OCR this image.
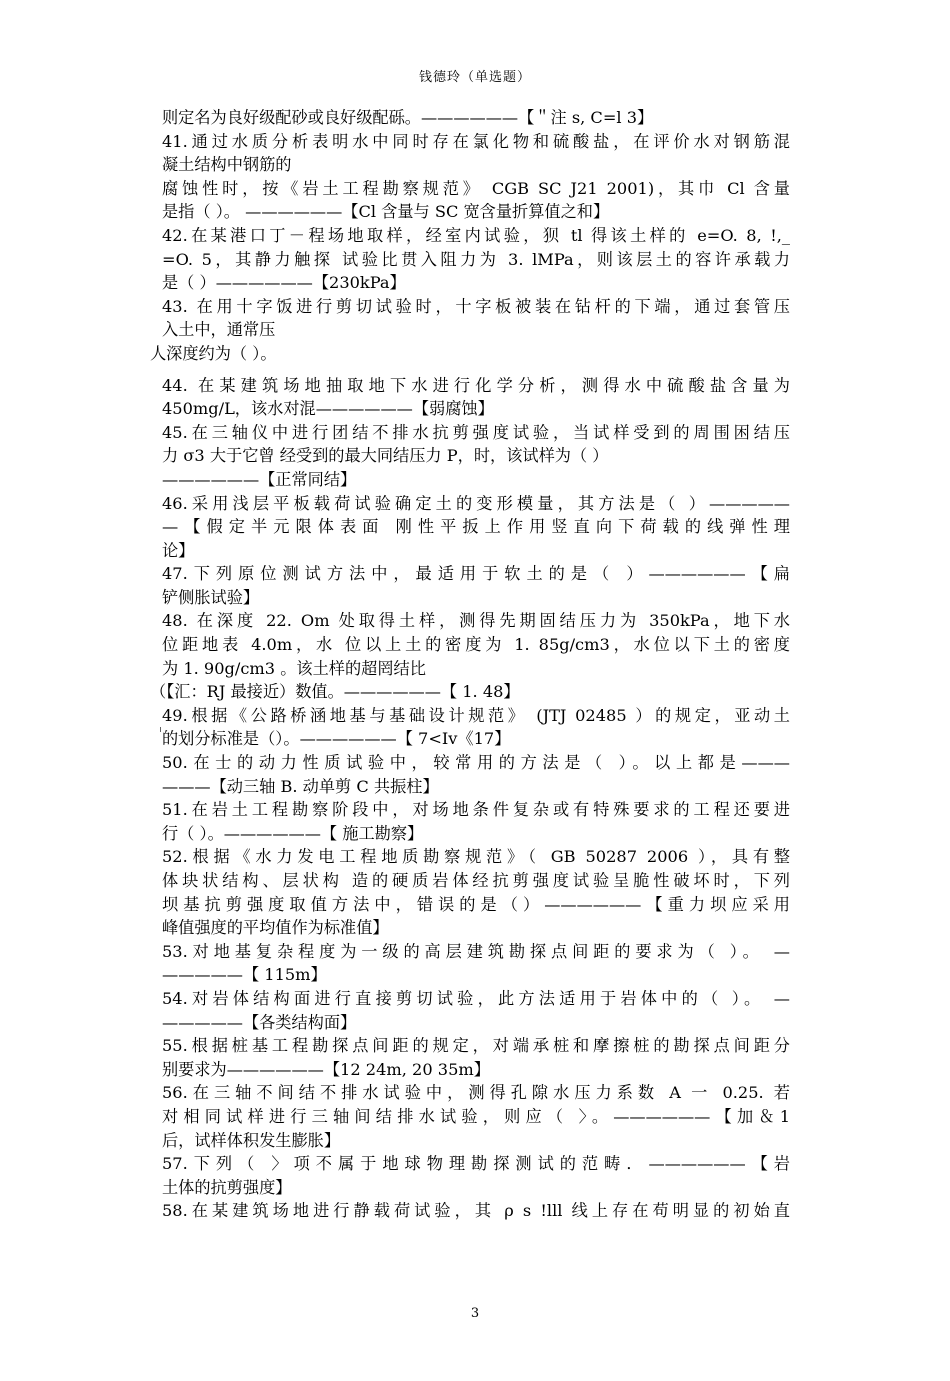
钱德玲（单选题）
则定名为良好级配砂或良好级配砾。——————【＂注 s, C=l 3】
41.通过水质分析表明水中同时存在氯化物和硫酸盐，在评价水对钢筋混
凝土结构中钢筋的
腐蚀性时，按《岩土工程勘察规范》 CGB SC J21 2001)，其巾 Cl 含量
是指（ ）。 ——————【Cl 含量与 SC 宽含量折算值之和】
42.在某港口丁－程场地取样，经室内试验，狈 tl 得该土样的 e=O. 8, !,_
=O. 5，其静力触探 试验比贯入阻力为 3. lMPa，则该层土的容许承载力
是（ ）——————【230kPa】
43. 在用十字饭进行剪切试验时，十字板被装在钻杆的下端，通过套管压
入土中，通常压
人深度约为（ ）。
44. 在某建筑场地抽取地下水进行化学分析，测得水中硫酸盐含量为
450mg/L，该水对混——————【弱腐蚀】
45.在三轴仪中进行团结不排水抗剪强度试验，当试样受到的周围困结压
力 σ3 大于它曾 经受到的最大同结压力 P，时，该试样为（ ）
——————【正常同结】
46.采用浅层平板载荷试验确定土的变形模量，其方法是（ ）—————
—【假定半元限体表面 刚性平扳上作用竖直向下荷载的线弹性理
论】
47.下列原位测试方法中，最适用于软土的是（ ）——————【扁
铲侧胀试验】
48. 在深度 22. Om 处取得土样，测得先期固结压力为 350kPa，地下水
位距地表 4.0m，水 位以上土的密度为 1. 85g/cm3，水位以下土的密度
为 1. 90g/cm3 。该土样的超罔结比
（【汇：RJ 最接近）数值。——————【 1. 48】
49.根据《公路桥涵地基与基础设计规范》 (JTJ 02485 ）的规定，亚动土
的划分标准是（）。——————【 7<Iv《17】
50.在士的动力性质试验中，较常用的方法是（ ）。以上都是———
———【动三轴 B. 动单剪 C 共振柱】
51.在岩土工程勘察阶段中，对场地条件复杂或有特殊要求的工程还要进
行（ ）。——————【 施工勘察】
52.根据《水力发电工程地质勘察规范》（ GB 50287 2006 ），具有整
体块状结构、层状构 造的硬质岩体经抗剪强度试验呈脆性破坏时，下列
坝基抗剪强度取值方法中，错误的是（）——————【重力坝应采用
峰值强度的平均值作为标准值】
53.对地基复杂程度为一级的高层建筑勘探点间距的要求为（ ）。 —
—————【 115m】
54.对岩体结构面进行直接剪切试验，此方法适用于岩体中的（ ）。 —
—————【各类结构面】
55.根据桩基工程勘探点间距的规定，对端承桩和摩擦桩的勘探点间距分
别要求为——————【12 24m, 20 35m】
56.在三轴不间结不排水试验中，测得孔隙水压力系数 A 一 0.25. 若
对相同试样进行三轴间结排水试验，则应（ 〉。——————【加＆1
后，试样体积发生膨胀】
57.下列（ 〉项不属于地球物理勘探测试的范畴．——————【岩
土体的抗剪强度】
58.在某建筑场地进行静载荷试验，其 ρ s !lll 线上存在苟明显的初始直
3
